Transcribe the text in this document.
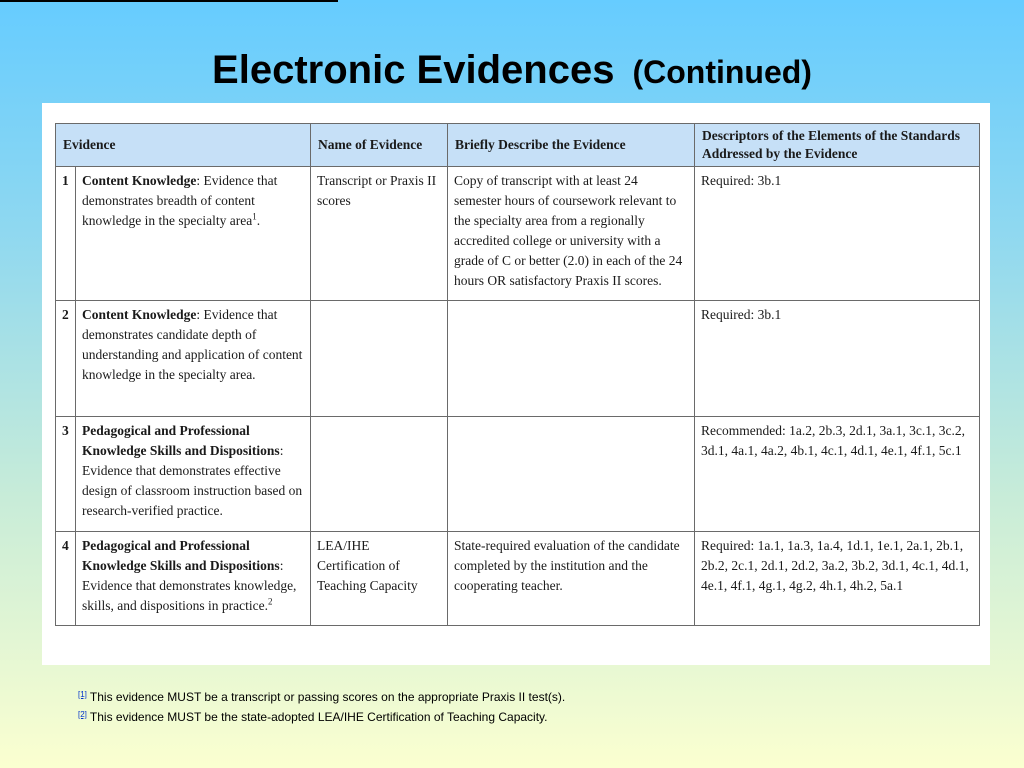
Electronic Evidences (Continued)
Evidence		Name of Evidence	Briefly Describe the Evidence	Descriptors of the Elements of the Standards Addressed by the Evidence
1	Content Knowledge: Evidence that demonstrates breadth of content knowledge in the specialty area$^1$.	Transcript or Praxis II scores	Copy of transcript with at least 24 semester hours of coursework relevant to the specialty area from a regionally accredited college or university with a grade of C or better (2.0) in each of the 24 hours OR satisfactory Praxis II scores.	Required: 3b.1
2	Content Knowledge: Evidence that demonstrates candidate depth of understanding and application of content knowledge in the specialty area.			Required: 3b.1
3	Pedagogical and Professional Knowledge Skills and Dispositions: Evidence that demonstrates effective design of classroom instruction based on research-verified practice.			Recommended: 1a.2, 2b.3, 2d.1, 3a.1, 3c.1, 3c.2, 3d.1, 4a.1, 4a.2, 4b.1, 4c.1, 4d.1, 4e.1, 4f.1, 5c.1
4	Pedagogical and Professional Knowledge Skills and Dispositions: Evidence that demonstrates knowledge, skills, and dispositions in practice.$^2$	LEA/IHE Certification of Teaching Capacity	State-required evaluation of the candidate completed by the institution and the cooperating teacher.	Required: 1a.1, 1a.3, 1a.4, 1d.1, 1e.1, 2a.1, 2b.1, 2b.2, 2c.1, 2d.1, 2d.2, 3a.2, 3b.2, 3d.1, 4c.1, 4d.1, 4e.1, 4f.1, 4g.1, 4g.2, 4h.1, 4h.2, 5a.1
[1] This evidence MUST be a transcript or passing scores on the appropriate Praxis II test(s).
[2] This evidence MUST be the state-adopted LEA/IHE Certification of Teaching Capacity.
